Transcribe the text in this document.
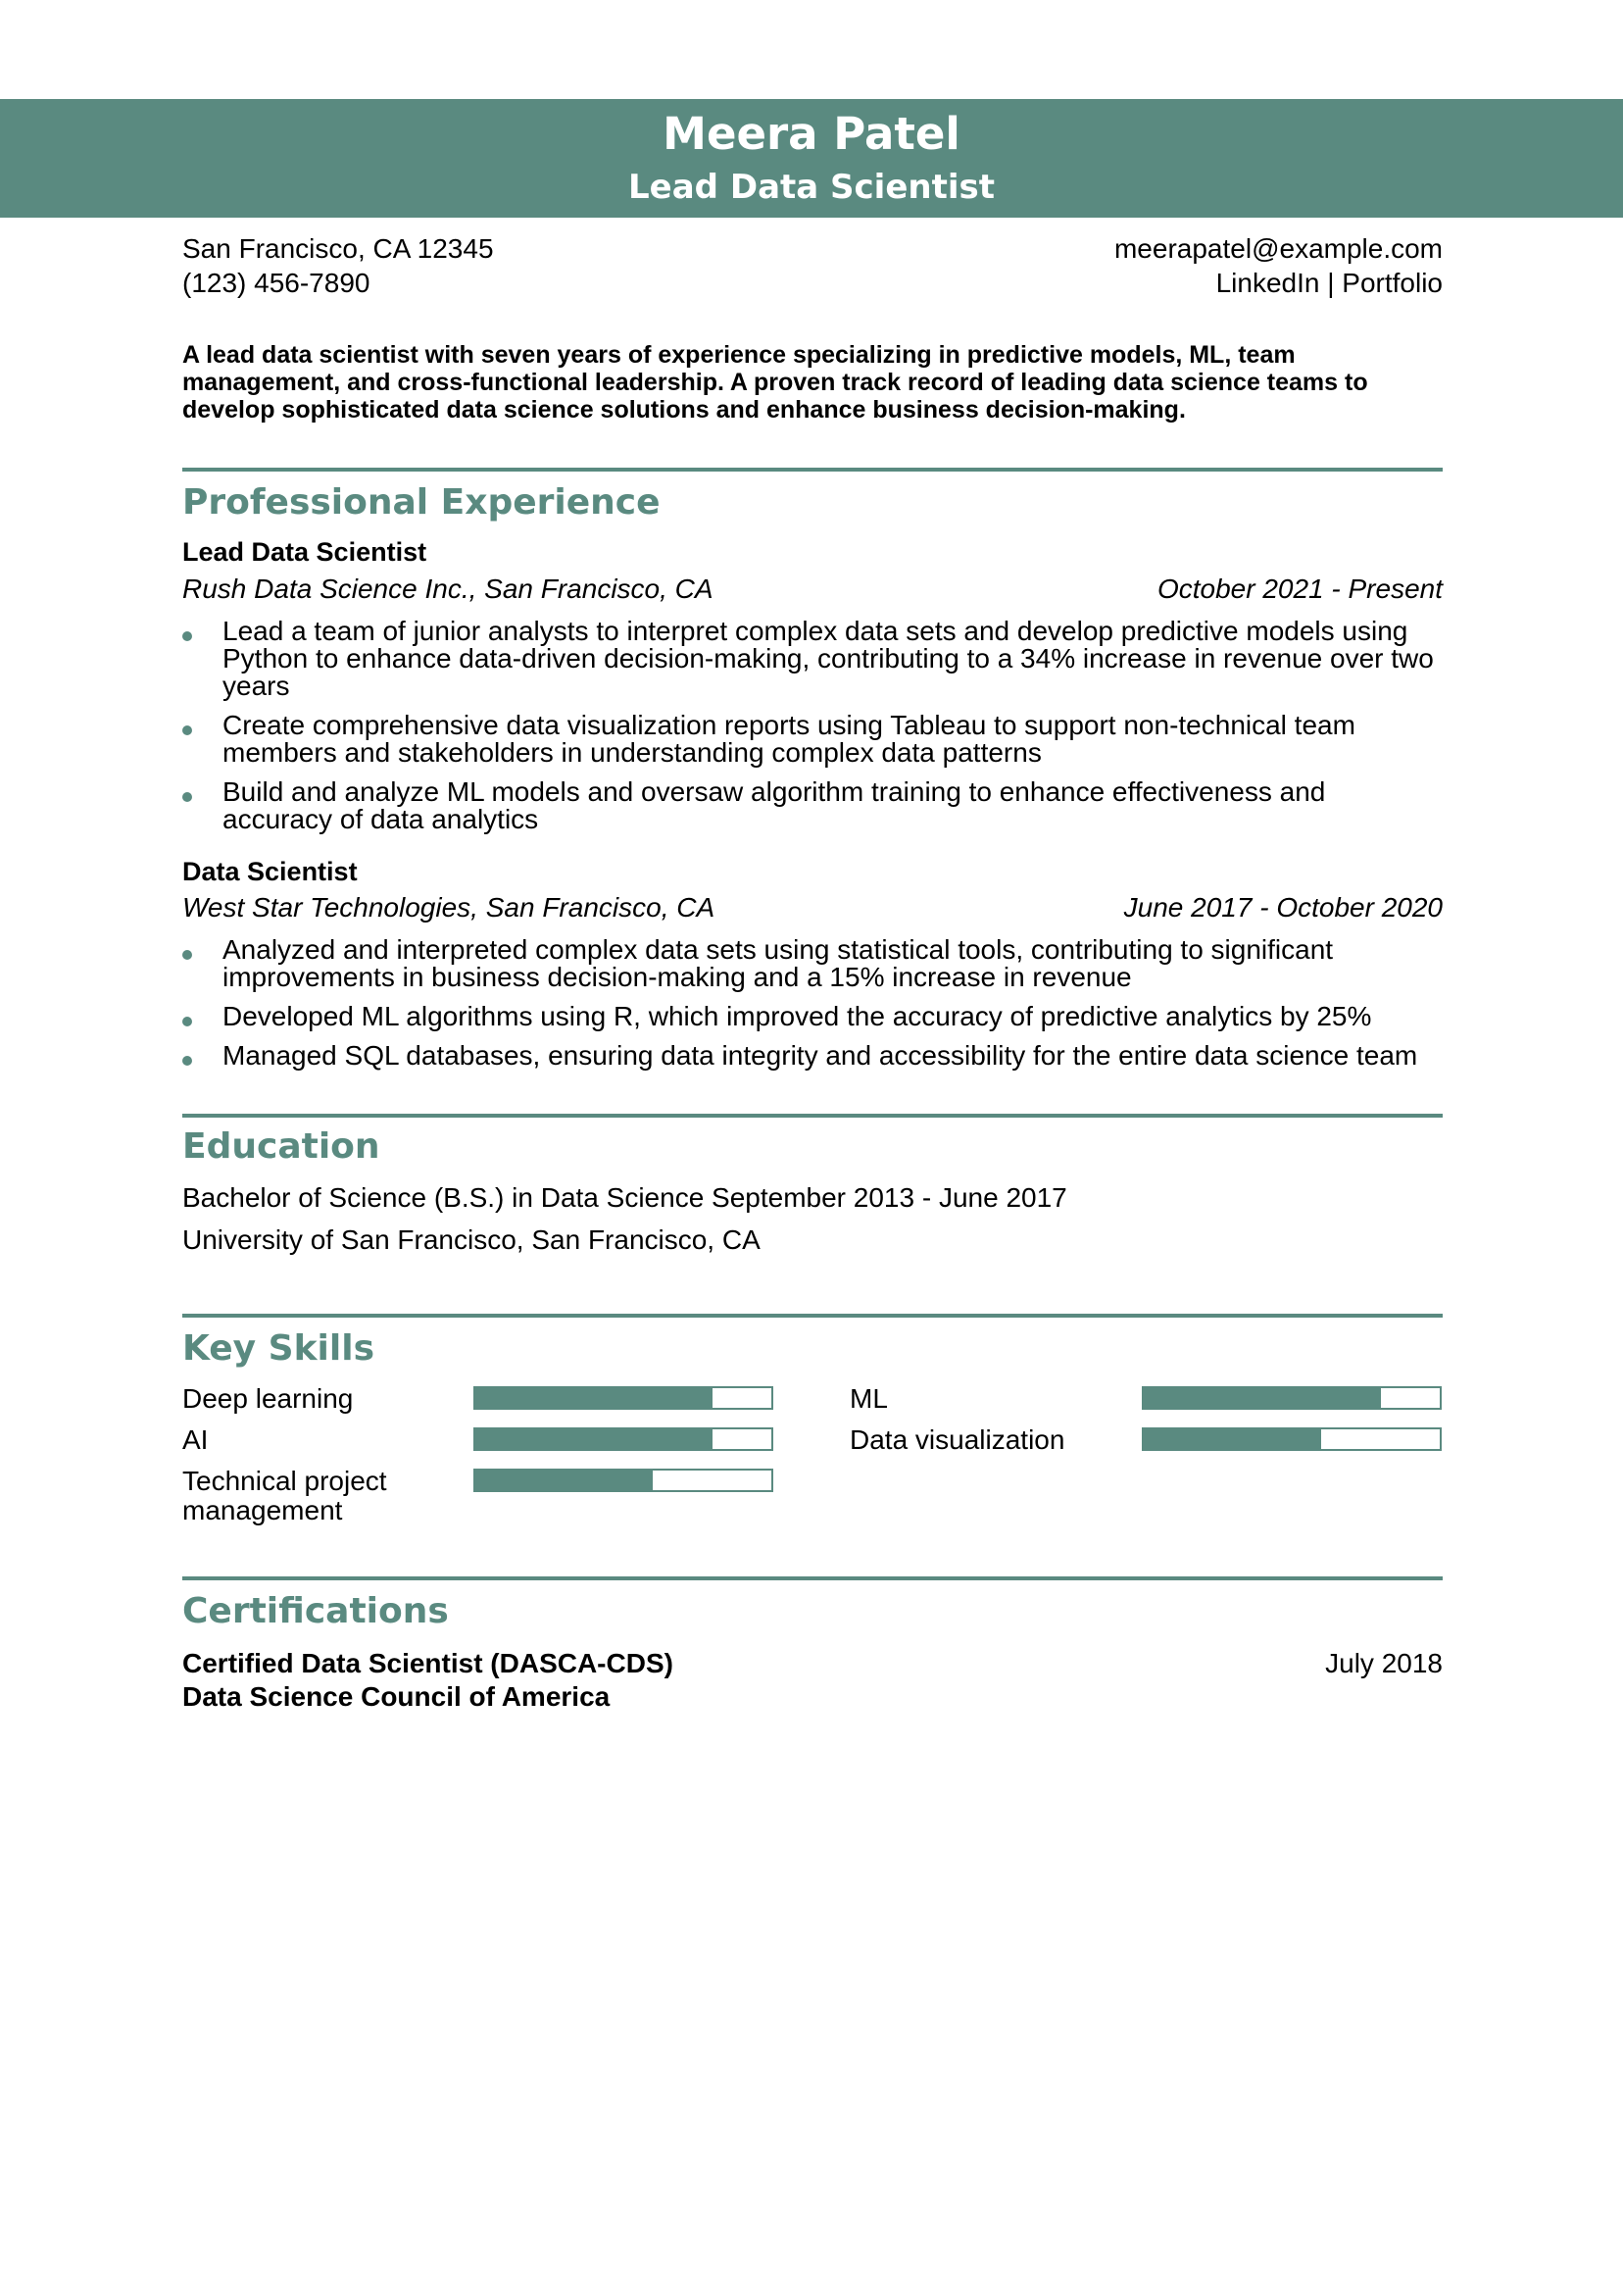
Meera Patel
Lead Data Scientist
San Francisco, CA 12345	meerapatel@example.com
(123) 456-7890	LinkedIn | Portfolio
A lead data scientist with seven years of experience specializing in predictive models, ML, team management, and cross-functional leadership. A proven track record of leading data science teams to develop sophisticated data science solutions and enhance business decision-making.
Professional Experience
Lead Data Scientist
Rush Data Science Inc., San Francisco, CA	October 2021 - Present
Lead a team of junior analysts to interpret complex data sets and develop predictive models using Python to enhance data-driven decision-making, contributing to a 34% increase in revenue over two years
Create comprehensive data visualization reports using Tableau to support non-technical team members and stakeholders in understanding complex data patterns
Build and analyze ML models and oversaw algorithm training to enhance effectiveness and accuracy of data analytics
Data Scientist
West Star Technologies, San Francisco, CA	June 2017 - October 2020
Analyzed and interpreted complex data sets using statistical tools, contributing to significant improvements in business decision-making and a 15% increase in revenue
Developed ML algorithms using R, which improved the accuracy of predictive analytics by 25%
Managed SQL databases, ensuring data integrity and accessibility for the entire data science team
Education
Bachelor of Science (B.S.) in Data Science September 2013 - June 2017
University of San Francisco, San Francisco, CA
Key Skills
Deep learning	ML
AI	Data visualization
Technical project management
Certifications
Certified Data Scientist (DASCA-CDS)	July 2018
Data Science Council of America
